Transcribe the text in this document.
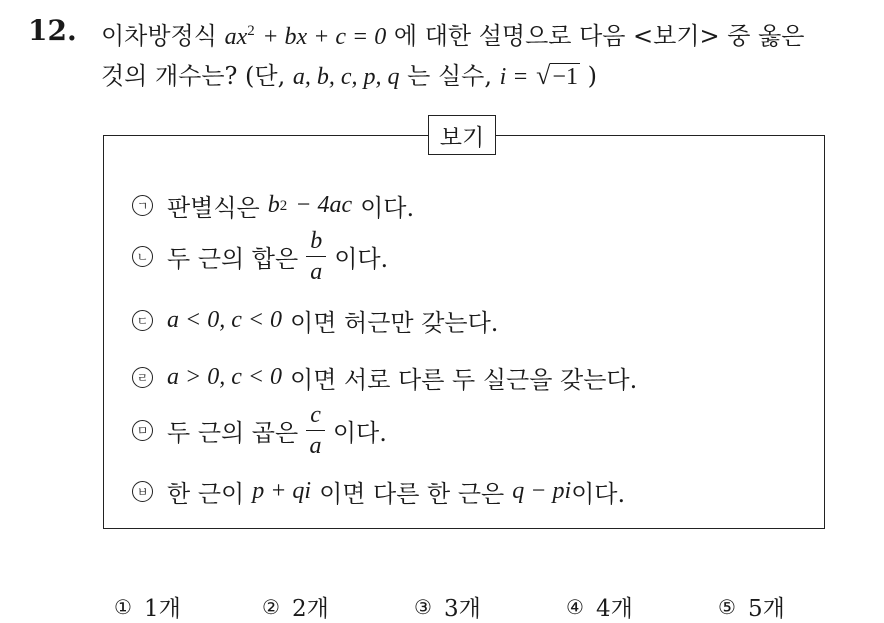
12. 이차방정식 $ax^2$ + bx + c = 0 에 대한 설명으로 다음 <보기> 중 옳은
것의 개수는? (단, a, b, c, p, q 는 실수, i = √−1 )
보기
ㄱ 판별식은 b 2 − 4ac 이다.
ㄴ 두 근의 합은 $\frac{b}{a}$ 이다.
ㄷ a < 0, c < 0 이면 허근만 갖는다.
ㄹ a > 0, c < 0 이면 서로 다른 두 실근을 갖는다.
ㅁ 두 근의 곱은 $\frac{c}{a}$ 이다.
ㅂ 한 근이 p + qi 이면 다른 한 근은 q − pi 이다.
① 1개	② 2개	③ 3개	④ 4개	⑤ 5개
